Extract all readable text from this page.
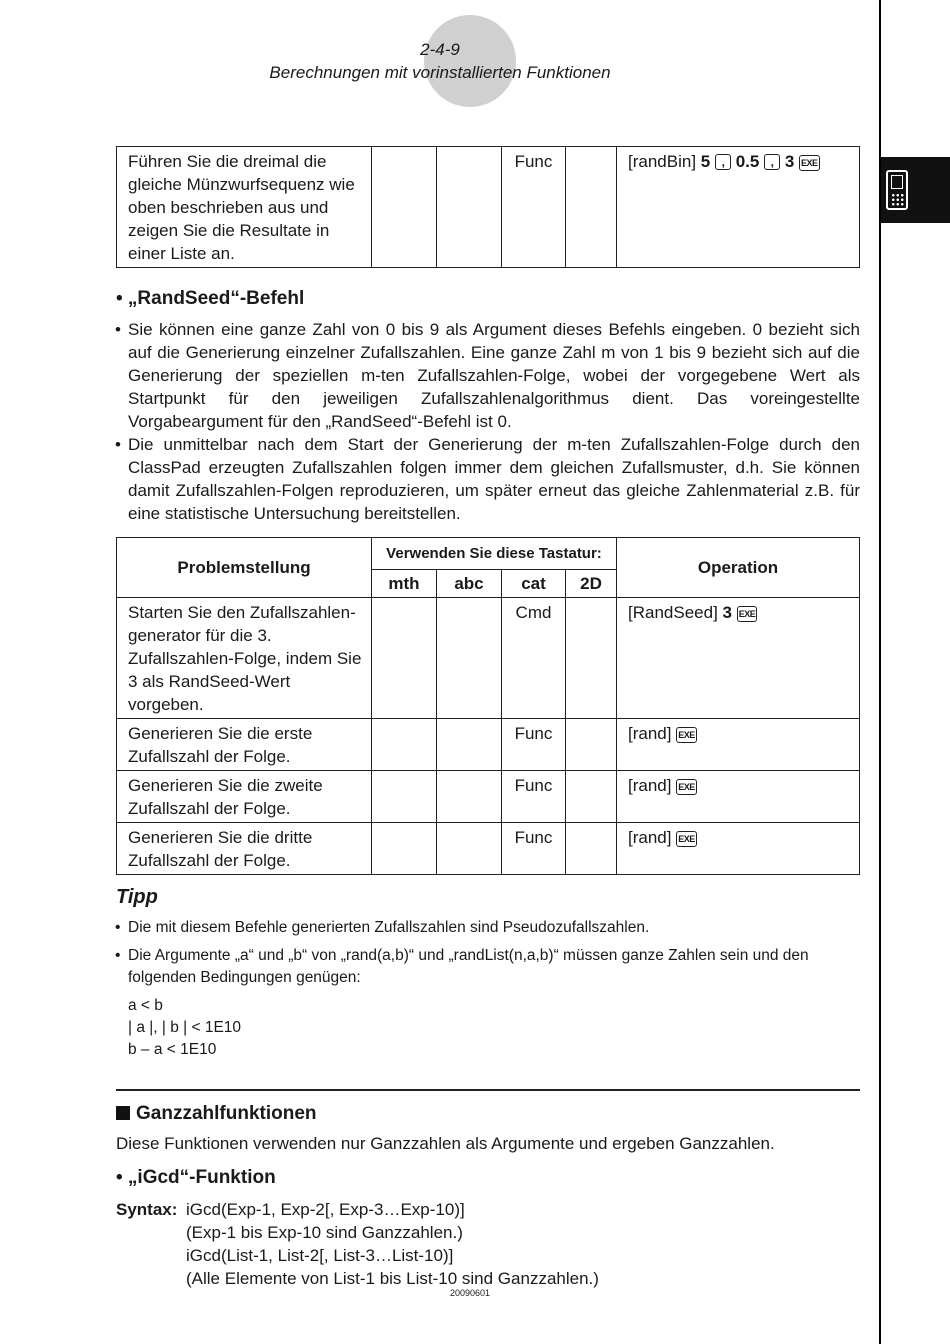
2-4-9
Berechnungen mit vorinstallierten Funktionen
Führen Sie die dreimal die gleiche Münzwurfsequenz wie oben beschrieben aus und zeigen Sie die Resultate in einer Liste an.			Func		[randBin] 5 , 0.5 , 3 EXE
• „RandSeed“-Befehl
• Sie können eine ganze Zahl von 0 bis 9 als Argument dieses Befehls eingeben. 0 bezieht sich auf die Generierung einzelner Zufallszahlen. Eine ganze Zahl m von 1 bis 9 bezieht sich auf die Generierung der speziellen m-ten Zufallszahlen-Folge, wobei der vorgegebene Wert als Startpunkt für den jeweiligen Zufallszahlenalgorithmus dient. Das voreingestellte Vorgabeargument für den „RandSeed“-Befehl ist 0.
• Die unmittelbar nach dem Start der Generierung der m-ten Zufallszahlen-Folge durch den ClassPad erzeugten Zufallszahlen folgen immer dem gleichen Zufallsmuster, d.h. Sie können damit Zufallszahlen-Folgen reproduzieren, um später erneut das gleiche Zahlenmaterial z.B. für eine statistische Untersuchung bereitstellen.
Problemstellung	Verwenden Sie diese Tastatur:				Operation
	mth	abc	cat	2D	
Starten Sie den Zufallszahlen-generator für die 3. Zufallszahlen-Folge, indem Sie 3 als RandSeed-Wert vorgeben.			Cmd		[RandSeed] 3 EXE
Generieren Sie die erste Zufallszahl der Folge.			Func		[rand] EXE
Generieren Sie die zweite Zufallszahl der Folge.			Func		[rand] EXE
Generieren Sie die dritte Zufallszahl der Folge.			Func		[rand] EXE
Tipp
• Die mit diesem Befehle generierten Zufallszahlen sind Pseudozufallszahlen.
• Die Argumente „a“ und „b“ von „rand(a,b)“ und „randList(n,a,b)“ müssen ganze Zahlen sein und den folgenden Bedingungen genügen:
a < b
| a |, | b | < 1E10
b – a < 1E10
Ganzzahlfunktionen
Diese Funktionen verwenden nur Ganzzahlen als Argumente und ergeben Ganzzahlen.
• „iGcd“-Funktion
Syntax: iGcd(Exp-1, Exp-2[, Exp-3…Exp-10)]
(Exp-1 bis Exp-10 sind Ganzzahlen.)
iGcd(List-1, List-2[, List-3…List-10)]
(Alle Elemente von List-1 bis List-10 sind Ganzzahlen.)
20090601
